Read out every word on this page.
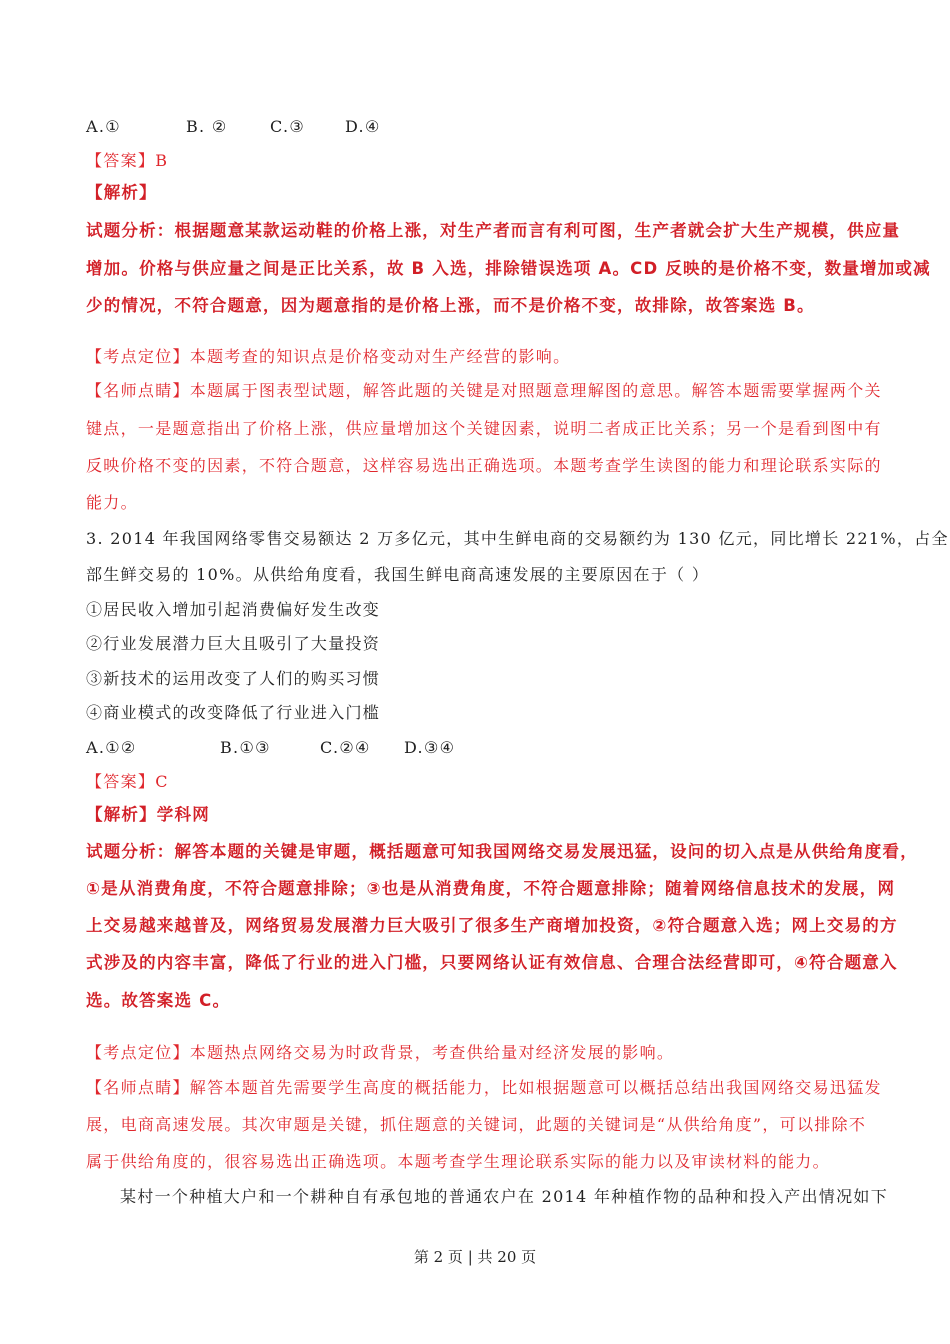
A.①	B. ②	C.③ D.④
【答案】B
【解析】
试题分析：根据题意某款运动鞋的价格上涨，对生产者而言有利可图，生产者就会扩大生产规模，供应量
增加。价格与供应量之间是正比关系，故 B 入选，排除错误选项 A。CD 反映的是价格不变，数量增加或减
少的情况，不符合题意，因为题意指的是价格上涨，而不是价格不变，故排除，故答案选 B。
【考点定位】本题考查的知识点是价格变动对生产经营的影响。
【名师点睛】本题属于图表型试题，解答此题的关键是对照题意理解图的意思。解答本题需要掌握两个关
键点，一是题意指出了价格上涨，供应量增加这个关键因素，说明二者成正比关系；另一个是看到图中有
反映价格不变的因素，不符合题意，这样容易选出正确选项。本题考查学生读图的能力和理论联系实际的
能力。
3. 2014 年我国网络零售交易额达 2 万多亿元，其中生鲜电商的交易额约为 130 亿元，同比增长 221%，占全
部生鲜交易的 10%。从供给角度看，我国生鲜电商高速发展的主要原因在于（ ）
①居民收入增加引起消费偏好发生改变
②行业发展潜力巨大且吸引了大量投资
③新技术的运用改变了人们的购买习惯
④商业模式的改变降低了行业进入门槛
A.①②	B.①③	C.②④ D.③④
【答案】C
【解析】学科网
试题分析：解答本题的关键是审题，概括题意可知我国网络交易发展迅猛，设问的切入点是从供给角度看，
①是从消费角度，不符合题意排除；③也是从消费角度，不符合题意排除；随着网络信息技术的发展，网
上交易越来越普及，网络贸易发展潜力巨大吸引了很多生产商增加投资，②符合题意入选；网上交易的方
式涉及的内容丰富，降低了行业的进入门槛，只要网络认证有效信息、合理合法经营即可，④符合题意入
选。故答案选 C。
【考点定位】本题热点网络交易为时政背景，考查供给量对经济发展的影响。
【名师点睛】解答本题首先需要学生高度的概括能力，比如根据题意可以概括总结出我国网络交易迅猛发
展，电商高速发展。其次审题是关键，抓住题意的关键词，此题的关键词是“从供给角度”，可以排除不
属于供给角度的，很容易选出正确选项。本题考查学生理论联系实际的能力以及审读材料的能力。
某村一个种植大户和一个耕种自有承包地的普通农户在 2014 年种植作物的品种和投入产出情况如下
第 2 页 | 共 20 页
